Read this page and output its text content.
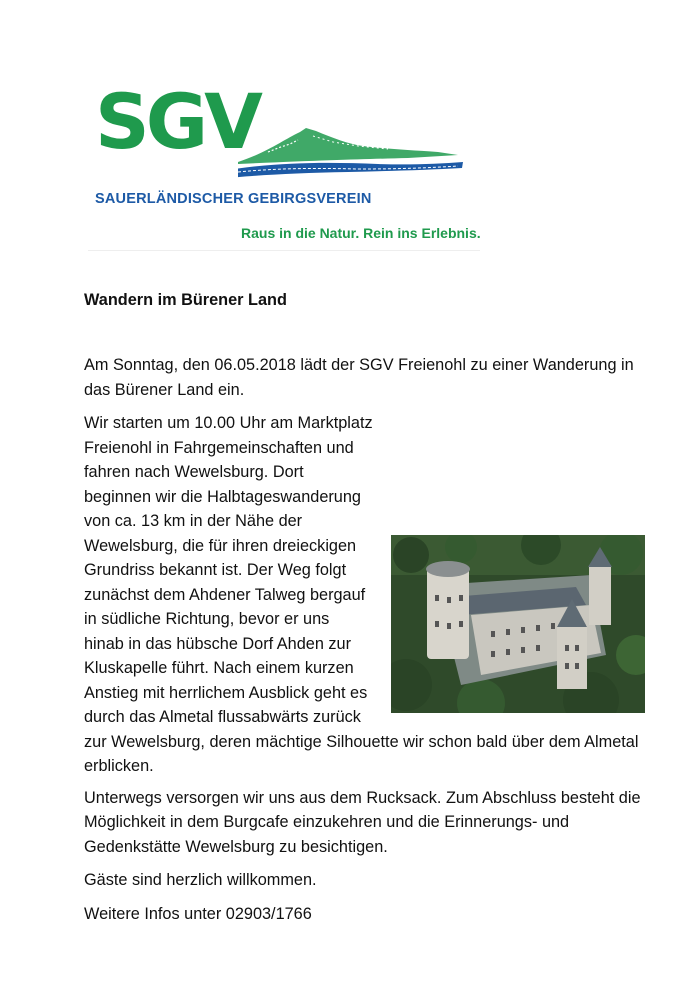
SGV
SAUERLÄNDISCHER GEBIRGSVEREIN
Raus in die Natur. Rein ins Erlebnis.

Wandern im Bürener Land

Am Sonntag, den 06.05.2018 lädt der SGV Freienohl zu einer Wanderung in das Bürener Land ein.

Wir starten um 10.00 Uhr am Marktplatz Freienohl in Fahrgemeinschaften und fahren nach Wewelsburg. Dort beginnen wir die Halbtageswanderung von ca. 13 km in der Nähe der Wewelsburg, die für ihren dreieckigen Grundriss bekannt ist. Der Weg folgt zunächst dem Ahdener Talweg bergauf in südliche Richtung, bevor er uns hinab in das hübsche Dorf Ahden zur Kluskapelle führt. Nach einem kurzen Anstieg mit herrlichem Ausblick geht es durch das Almetal flussabwärts zurück zur Wewelsburg, deren mächtige Silhouette wir schon bald über dem Almetal erblicken.

Unterwegs versorgen wir uns aus dem Rucksack. Zum Abschluss besteht die Möglichkeit in dem Burgcafe einzukehren und die Erinnerungs- und Gedenkstätte Wewelsburg zu besichtigen.

Gäste sind herzlich willkommen.

Weitere Infos unter 02903/1766
